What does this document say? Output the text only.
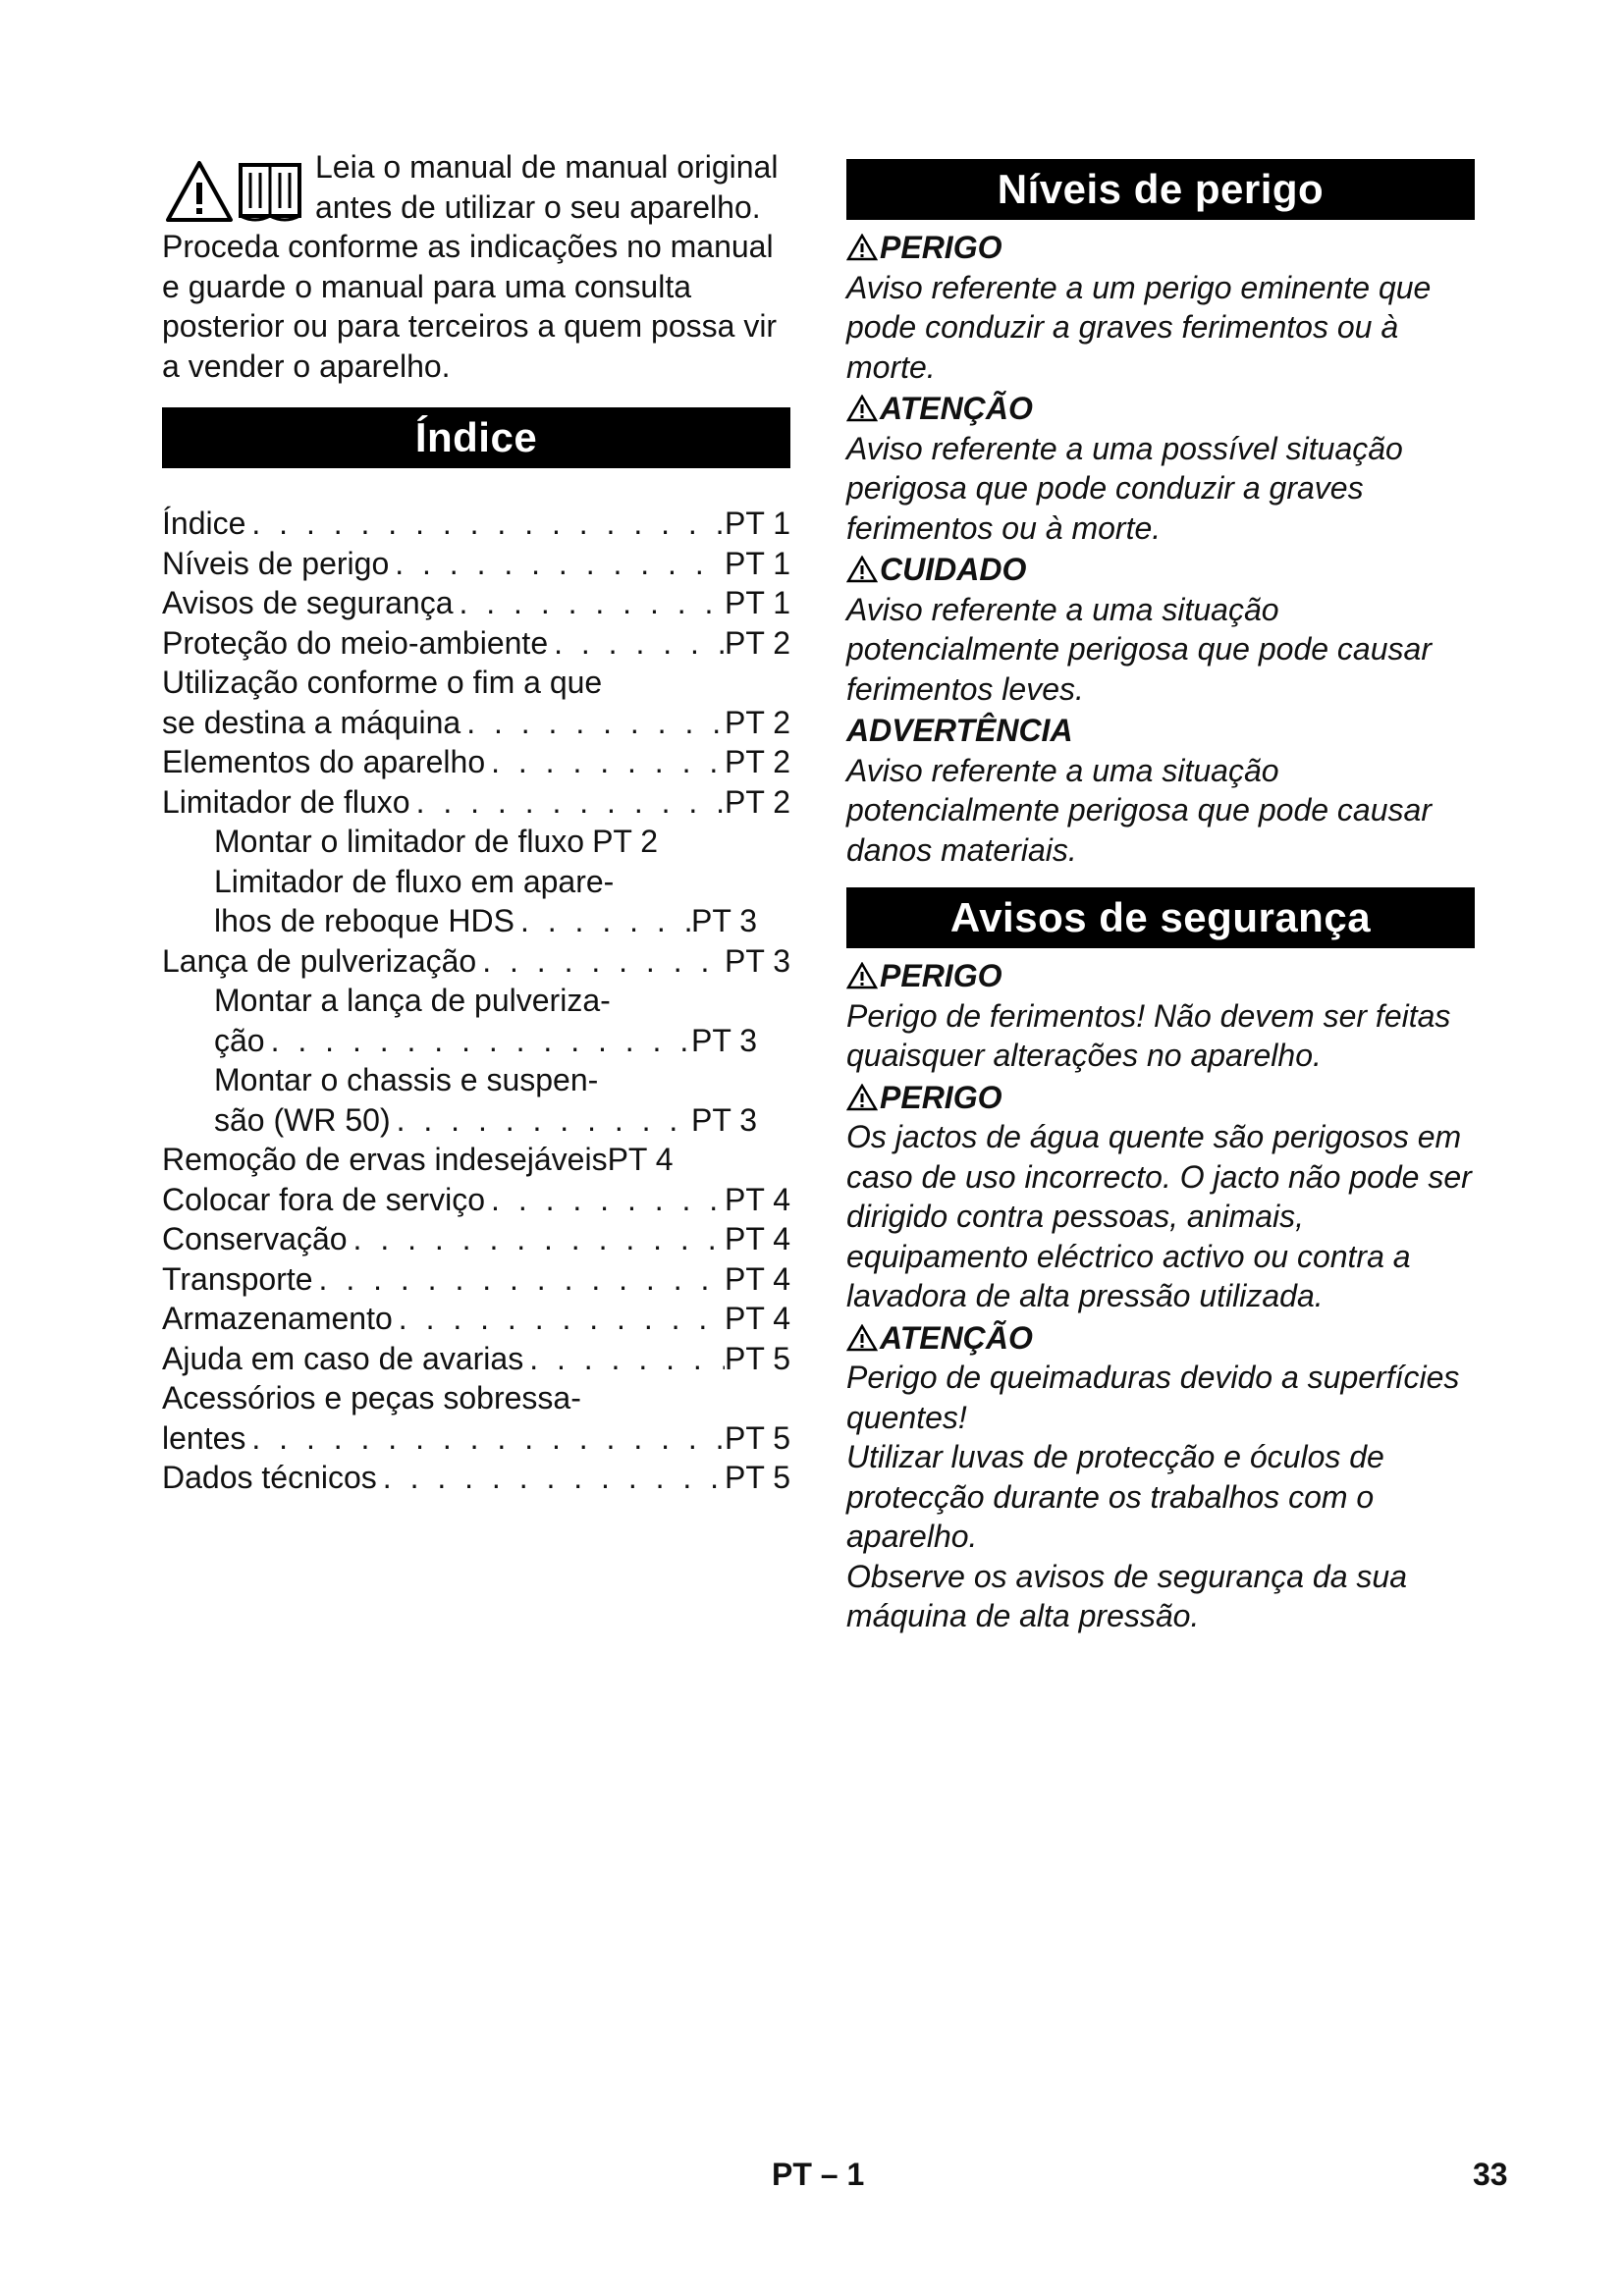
Leia o manual de manual original antes de utilizar o seu aparelho. Proceda conforme as indicações no manual e guarde o manual para uma consulta posterior ou para terceiros a quem possa vir a vender o aparelho.

Índice
Índice . . .	PT 1
Níveis de perigo . . .	PT 1
Avisos de segurança . . .	PT 1
Proteção do meio-ambiente . . .	PT 2
Utilização conforme o fim a que
se destina a máquina . . .	PT 2
Elementos do aparelho . . .	PT 2
Limitador de fluxo . . .	PT 2
Montar o limitador de fluxo PT 2
Limitador de fluxo em apare-
lhos de reboque HDS . . .	PT 3
Lança de pulverização . . .	PT 3
Montar a lança de pulveriza-
ção . . .	PT 3
Montar o chassis e suspen-
são (WR 50) . . .	PT 3
Remoção de ervas indesejáveis PT 4
Colocar fora de serviço . . .	PT 4
Conservação . . .	PT 4
Transporte . . .	PT 4
Armazenamento . . .	PT 4
Ajuda em caso de avarias . . .	PT 5
Acessórios e peças sobressa-
lentes . . .	PT 5
Dados técnicos . . .	PT 5
Níveis de perigo
PERIGO

Aviso referente a um perigo eminente que pode conduzir a graves ferimentos ou à morte.

ATENÇÃO

Aviso referente a uma possível situação perigosa que pode conduzir a graves ferimentos ou à morte.

CUIDADO

Aviso referente a uma situação potencialmente perigosa que pode causar ferimentos leves.

ADVERTÊNCIA

Aviso referente a uma situação potencialmente perigosa que pode causar danos materiais.

Avisos de segurança
PERIGO

Perigo de ferimentos! Não devem ser feitas quaisquer alterações no aparelho.

PERIGO

Os jactos de água quente são perigosos em caso de uso incorrecto. O jacto não pode ser dirigido contra pessoas, animais, equipamento eléctrico activo ou contra a lavadora de alta pressão utilizada.

ATENÇÃO

Perigo de queimaduras devido a superfícies quentes!

Utilizar luvas de protecção e óculos de protecção durante os trabalhos com o aparelho.

Observe os avisos de segurança da sua máquina de alta pressão.

PT – 1	33
